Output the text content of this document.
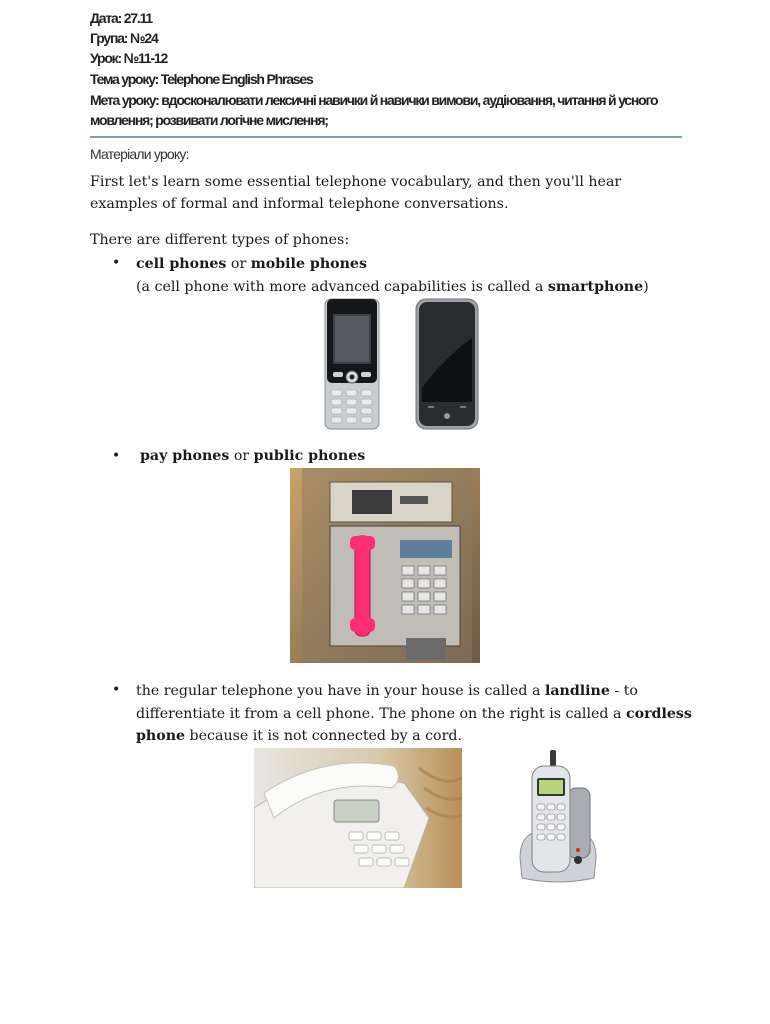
Дата: 27.11
Група: №24
Урок: №11-12
Тема уроку: Telephone English Phrases
Мета уроку: вдосконалювати лексичні навички й навички вимови, аудіювання, читання й усного
мовлення; розвивати логічне мислення;
Матеріали уроку:
First let's learn some essential telephone vocabulary, and then you'll hear examples of formal and informal telephone conversations.
There are different types of phones:
• cell phones or mobile phones
(a cell phone with more advanced capabilities is called a smartphone)
• pay phones or public phones
• the regular telephone you have in your house is called a landline - to differentiate it from a cell phone. The phone on the right is called a cordless phone because it is not connected by a cord.
